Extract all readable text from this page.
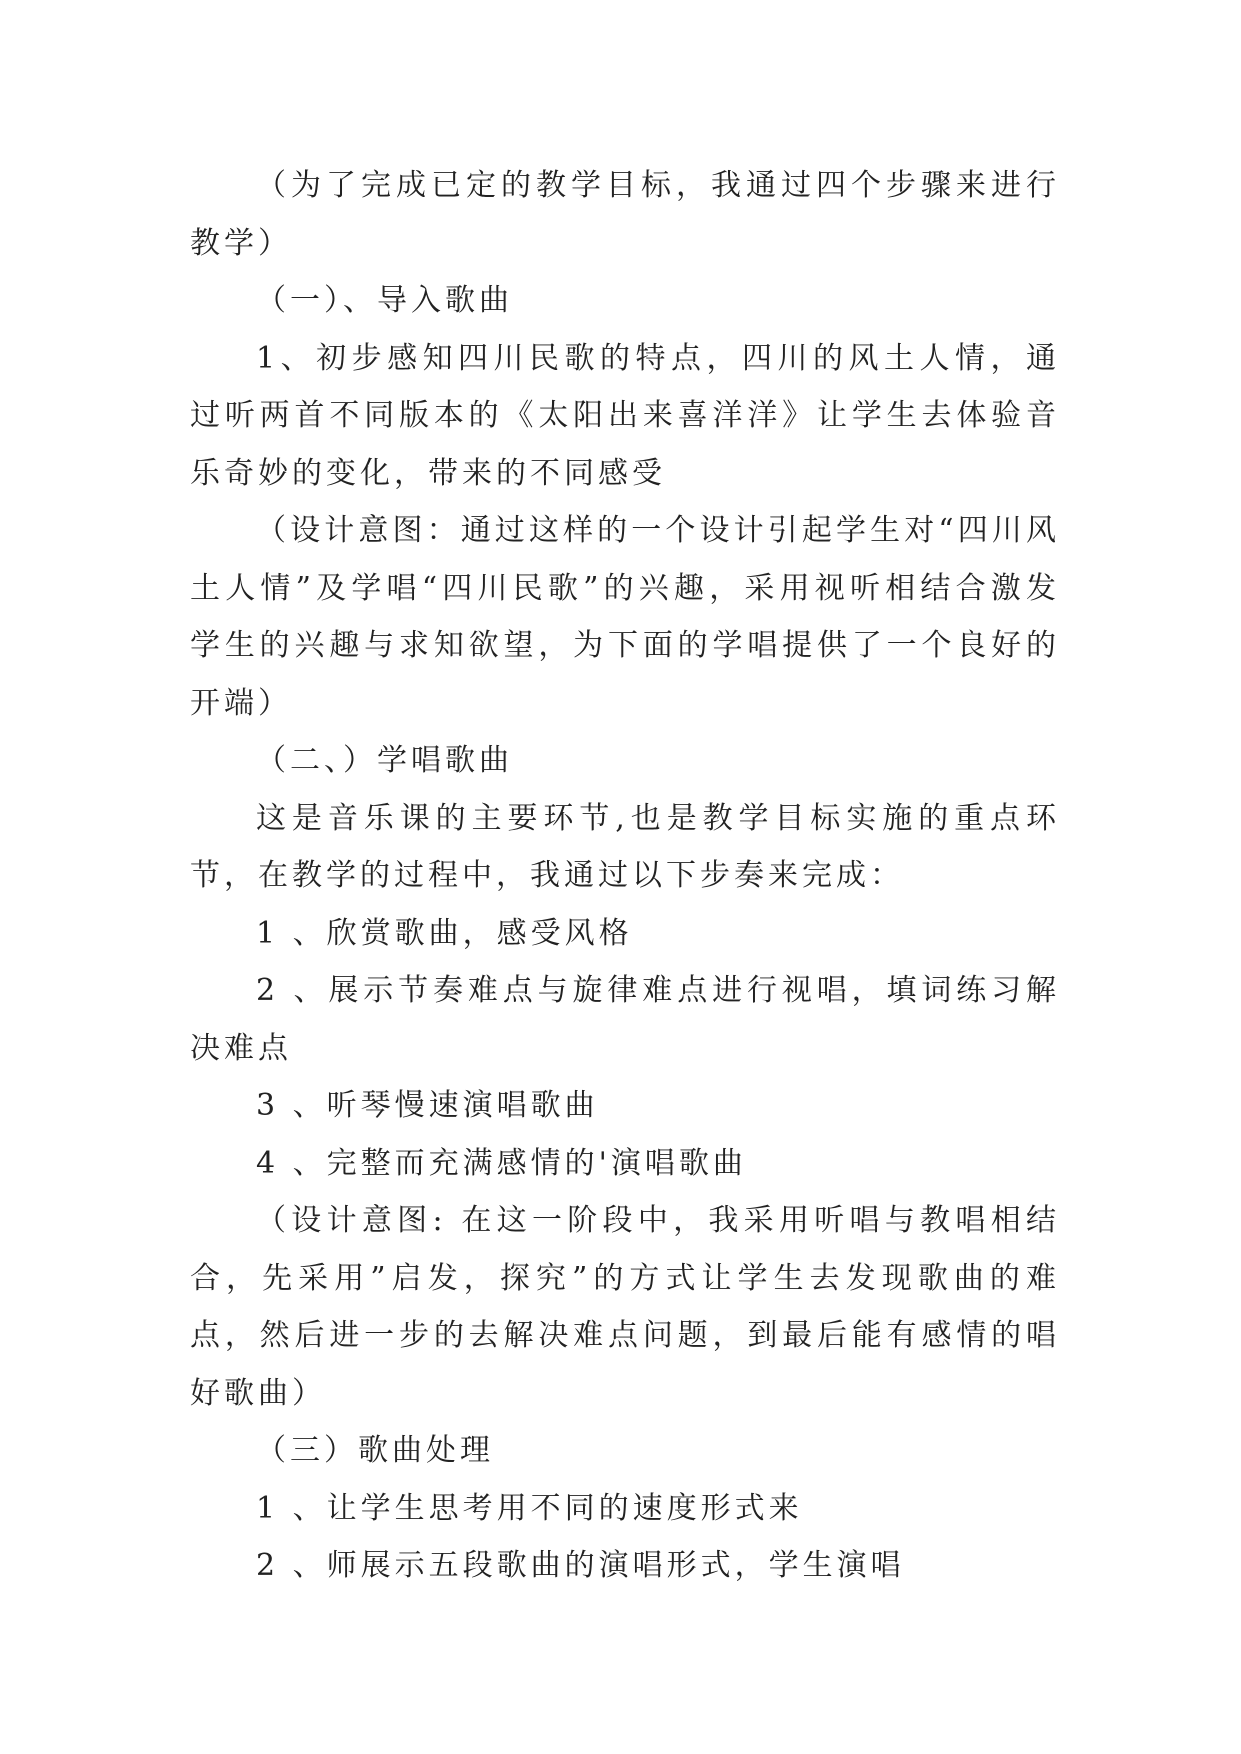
（为了完成已定的教学目标，我通过四个步骤来进行教学）

（一）、导入歌曲

1、初步感知四川民歌的特点，四川的风土人情，通过听两首不同版本的《太阳出来喜洋洋》让学生去体验音乐奇妙的变化，带来的不同感受

（设计意图：通过这样的一个设计引起学生对“四川风土人情”及学唱“四川民歌”的兴趣，采用视听相结合激发学生的兴趣与求知欲望，为下面的学唱提供了一个良好的开端）

（二、）学唱歌曲

这是音乐课的主要环节,也是教学目标实施的重点环节，在教学的过程中，我通过以下步奏来完成：

1 、欣赏歌曲，感受风格

2 、展示节奏难点与旋律难点进行视唱，填词练习解决难点

3 、听琴慢速演唱歌曲

4 、完整而充满感情的'演唱歌曲

（设计意图: 在这一阶段中，我采用听唱与教唱相结合，先采用”启发，探究”的方式让学生去发现歌曲的难点，然后进一步的去解决难点问题，到最后能有感情的唱好歌曲）

（三）歌曲处理

1 、让学生思考用不同的速度形式来

2 、师展示五段歌曲的演唱形式，学生演唱
